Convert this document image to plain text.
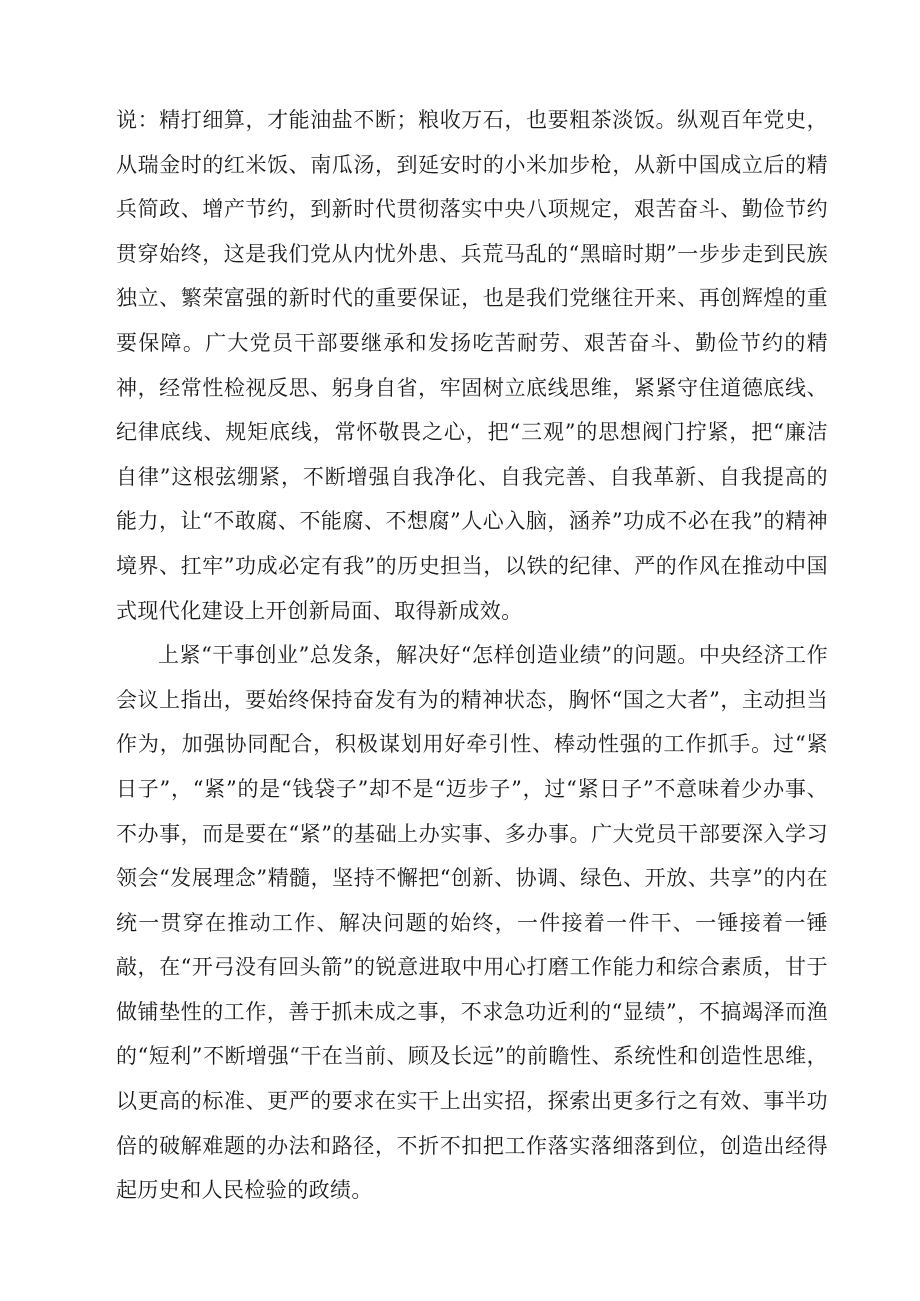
说：精打细算，才能油盐不断；粮收万石，也要粗茶淡饭。纵观百年党史，从瑞金时的红米饭、南瓜汤，到延安时的小米加步枪，从新中国成立后的精兵简政、增产节约，到新时代贯彻落实中央八项规定，艰苦奋斗、勤俭节约贯穿始终，这是我们党从内忧外患、兵荒马乱的“黑暗时期”一步步走到民族独立、繁荣富强的新时代的重要保证，也是我们党继往开来、再创辉煌的重要保障。广大党员干部要继承和发扬吃苦耐劳、艰苦奋斗、勤俭节约的精神，经常性检视反思、躬身自省，牢固树立底线思维，紧紧守住道德底线、纪律底线、规矩底线，常怀敬畏之心，把“三观”的思想阀门拧紧，把“廉洁自律”这根弦绷紧，不断增强自我净化、自我完善、自我革新、自我提高的能力，让“不敢腐、不能腐、不想腐”人心入脑，涵养”功成不必在我”的精神境界、扛牢”功成必定有我”的历史担当，以铁的纪律、严的作风在推动中国式现代化建设上开创新局面、取得新成效。

上紧“干事创业”总发条，解决好“怎样创造业绩”的问题。中央经济工作会议上指出，要始终保持奋发有为的精神状态，胸怀“国之大者”，主动担当作为，加强协同配合，积极谋划用好牵引性、棒动性强的工作抓手。过“紧日子”，“紧”的是“钱袋子”却不是“迈步子”，过“紧日子”不意味着少办事、不办事，而是要在“紧”的基础上办实事、多办事。广大党员干部要深入学习领会“发展理念”精髓，坚持不懈把“创新、协调、绿色、开放、共享”的内在统一贯穿在推动工作、解决问题的始终，一件接着一件干、一锤接着一锤敲，在“开弓没有回头箭”的锐意进取中用心打磨工作能力和综合素质，甘于做铺垫性的工作，善于抓未成之事，不求急功近利的“显绩”，不搞竭泽而渔的“短利”不断增强“干在当前、顾及长远”的前瞻性、系统性和创造性思维，以更高的标准、更严的要求在实干上出实招，探索出更多行之有效、事半功倍的破解难题的办法和路径，不折不扣把工作落实落细落到位，创造出经得起历史和人民检验的政绩。
